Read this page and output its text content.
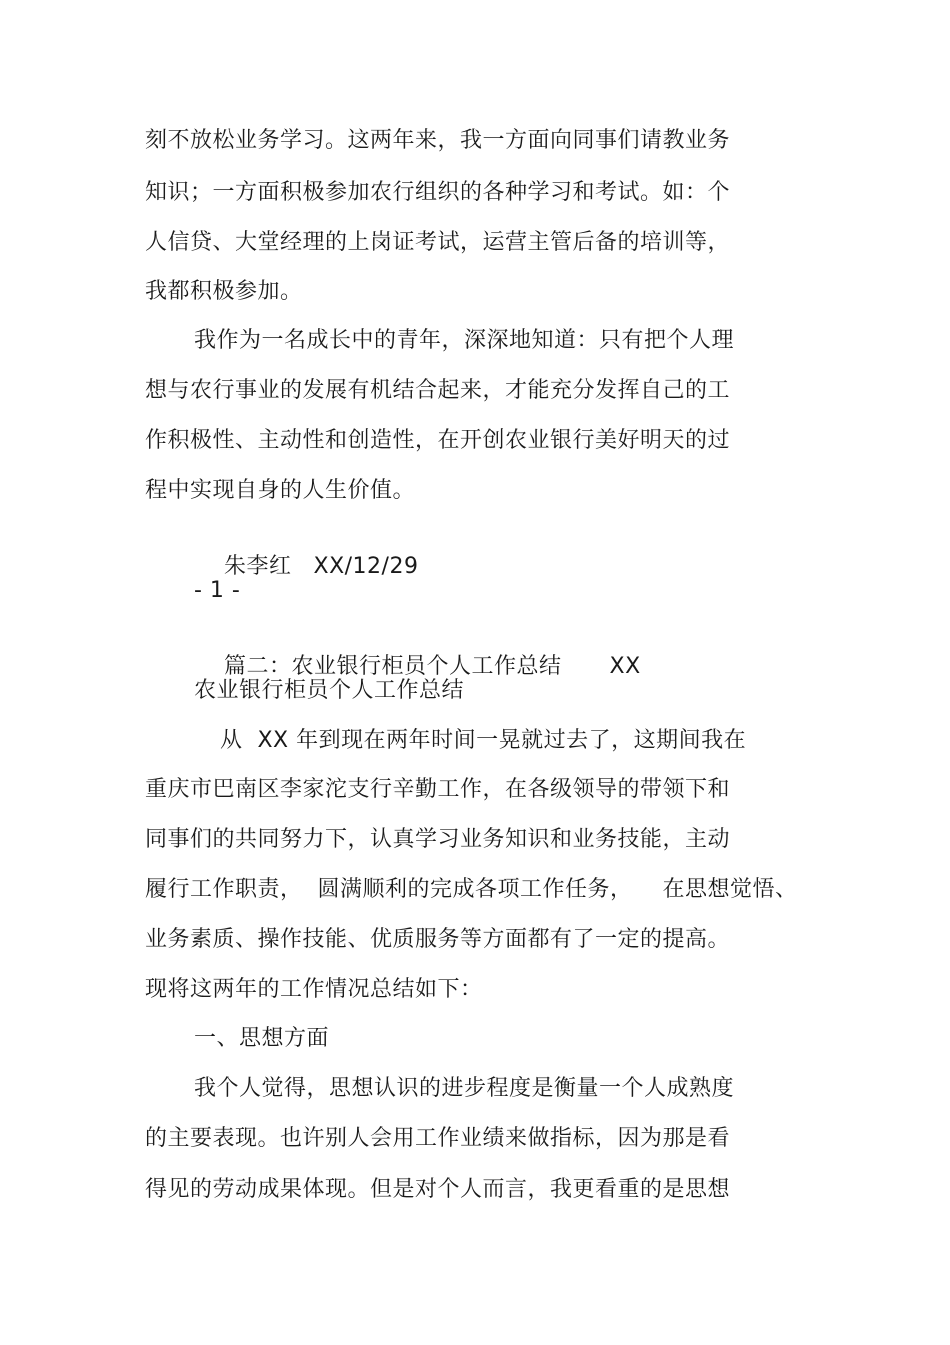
刻不放松业务学习。这两年来，我一方面向同事们请教业务
知识；一方面积极参加农行组织的各种学习和考试。如：个
人信贷、大堂经理的上岗证考试，运营主管后备的培训等，
我都积极参加。
我作为一名成长中的青年，深深地知道：只有把个人理
想与农行事业的发展有机结合起来，才能充分发挥自己的工
作积极性、主动性和创造性，在开创农业银行美好明天的过
程中实现自身的人生价值。

朱李红 XX/12/29

- 1 -

篇二：农业银行柜员个人工作总结 XX

农业银行柜员个人工作总结
从  XX 年到现在两年时间一晃就过去了，这期间我在
重庆市巴南区李家沱支行辛勤工作，在各级领导的带领下和
同事们的共同努力下，认真学习业务知识和业务技能，主动
履行工作职责，  圆满顺利的完成各项工作任务，    在思想觉悟、
业务素质、操作技能、优质服务等方面都有了一定的提高。
现将这两年的工作情况总结如下：
一、思想方面
我个人觉得，思想认识的进步程度是衡量一个人成熟度
的主要表现。也许别人会用工作业绩来做指标，因为那是看
得见的劳动成果体现。但是对个人而言，我更看重的是思想
